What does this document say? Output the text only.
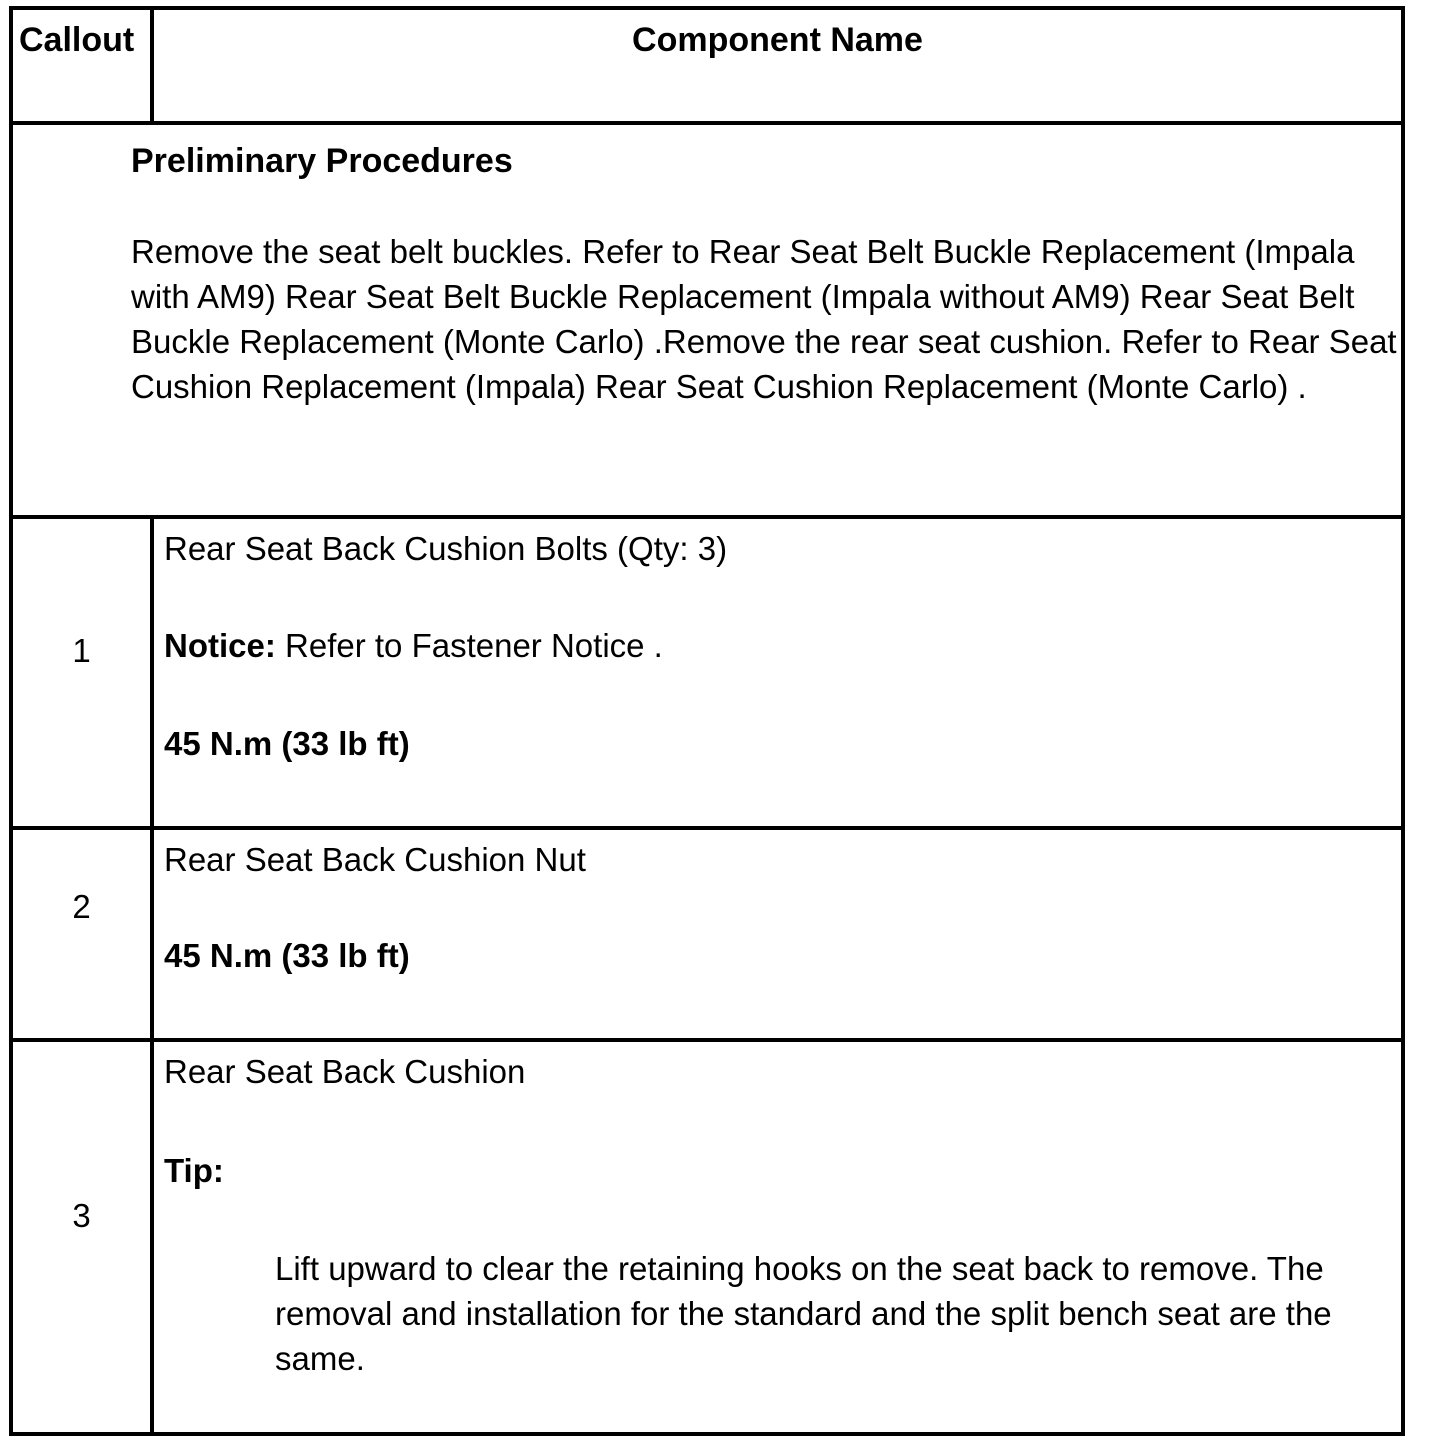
Callout	Component Name
Preliminary Procedures
Remove the seat belt buckles. Refer to Rear Seat Belt Buckle Replacement (Impala with AM9) Rear Seat Belt Buckle Replacement (Impala without AM9) Rear Seat Belt Buckle Replacement (Monte Carlo) .Remove the rear seat cushion. Refer to Rear Seat Cushion Replacement (Impala) Rear Seat Cushion Replacement (Monte Carlo) .
1
Rear Seat Back Cushion Bolts (Qty: 3)
Notice: Refer to Fastener Notice .
45 N.m (33 lb ft)
2
Rear Seat Back Cushion Nut
45 N.m (33 lb ft)
3
Rear Seat Back Cushion
Tip:
Lift upward to clear the retaining hooks on the seat back to remove. The removal and installation for the standard and the split bench seat are the same.
